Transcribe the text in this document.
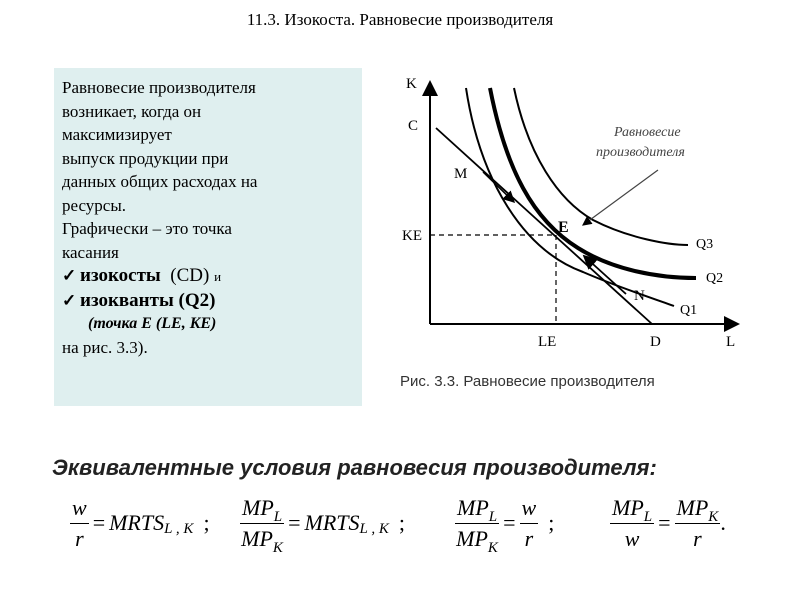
11.3. Изокоста. Равновесие производителя
Равновесие производителя
возникает, когда он
максимизирует
выпуск продукции при
данных общих расходах на
ресурсы.
Графически – это точка
касания
✓ изокосты (CD) и
✓ изокванты (Q2)
(точка E (LE, KE)
на рис. 3.3).
K
L
C
M
KE	E
N
LE	D
Q1
Q2
Q3
Равновесие
производителя
Рис. 3.3. Равновесие производителя
Эквивалентные условия равновесия производителя:
$\frac{w}{r}$ = MRTS L , K ; $\frac{MP_L}{MP_K}$ = MRTS L , K ; $\frac{MP_L}{MP_K} = \frac{w}{r}$ ;	$\frac{MP_L}{w} = \frac{MP_K}{r}$ .
